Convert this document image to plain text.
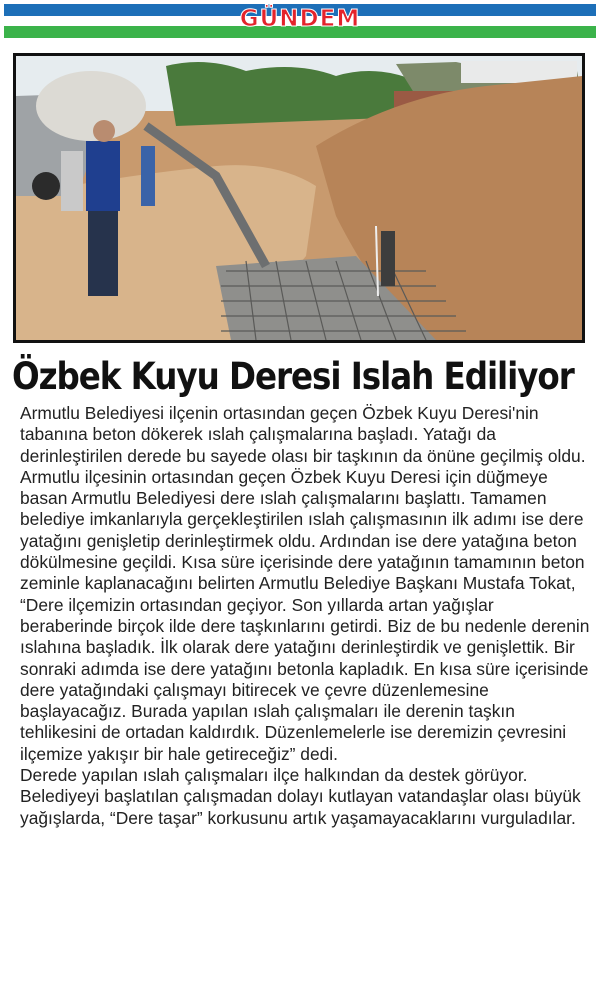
GÜNDEM
Özbek Kuyu Deresi Islah Ediliyor

Armutlu Belediyesi ilçenin ortasından geçen Özbek Kuyu Deresi'nin tabanına beton dökerek ıslah çalışmalarına başladı. Yatağı da derinleştirilen derede bu sayede olası bir taşkının da önüne geçilmiş oldu.

Armutlu ilçesinin ortasından geçen Özbek Kuyu Deresi için düğmeye basan Armutlu Belediyesi dere ıslah çalışmalarını başlattı. Tamamen belediye imkanlarıyla gerçekleştirilen ıslah çalışmasının ilk adımı ise dere yatağını genişletip derinleştirmek oldu. Ardından ise dere yatağına beton dökülmesine geçildi. Kısa süre içerisinde dere yatağının tamamının beton zeminle kaplanacağını belirten Armutlu Belediye Başkanı Mustafa Tokat, “Dere ilçemizin ortasından geçiyor. Son yıllarda artan yağışlar beraberinde birçok ilde dere taşkınlarını getirdi. Biz de bu nedenle derenin ıslahına başladık. İlk olarak dere yatağını derinleştirdik ve genişlettik. Bir sonraki adımda ise dere yatağını betonla kapladık. En kısa süre içerisinde dere yatağındaki çalışmayı bitirecek ve çevre düzenlemesine başlayacağız. Burada yapılan ıslah çalışmaları ile derenin taşkın tehlikesini de ortadan kaldırdık. Düzenlemelerle ise deremizin çevresini ilçemize yakışır bir hale getireceğiz” dedi.

Derede yapılan ıslah çalışmaları ilçe halkından da destek görüyor. Belediyeyi başlatılan çalışmadan dolayı kutlayan vatandaşlar olası büyük yağışlarda, “Dere taşar” korkusunu artık yaşamayacaklarını vurguladılar.
